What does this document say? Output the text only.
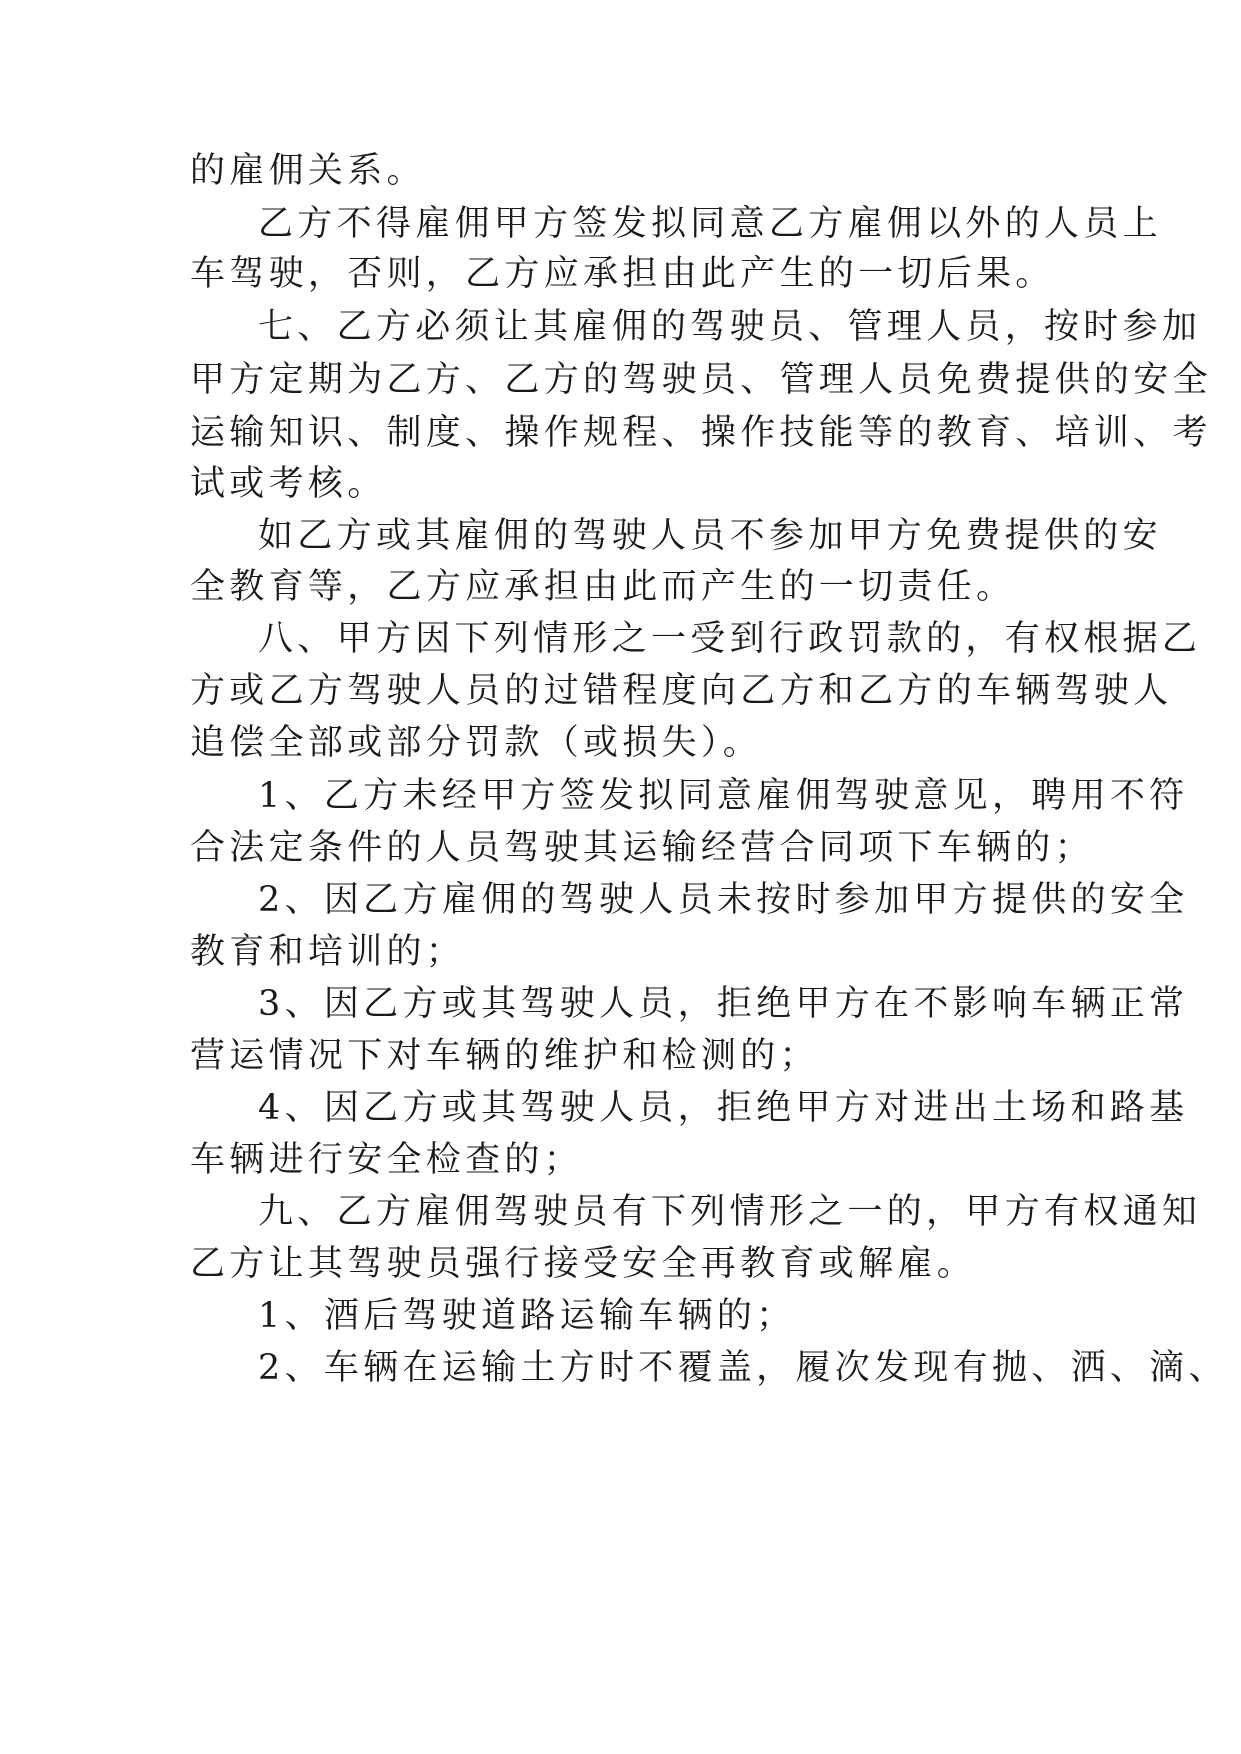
的雇佣关系。
乙方不得雇佣甲方签发拟同意乙方雇佣以外的人员上
车驾驶，否则，乙方应承担由此产生的一切后果。
七、乙方必须让其雇佣的驾驶员、管理人员，按时参加
甲方定期为乙方、乙方的驾驶员、管理人员免费提供的安全
运输知识、制度、操作规程、操作技能等的教育、培训、考
试或考核。
如乙方或其雇佣的驾驶人员不参加甲方免费提供的安
全教育等，乙方应承担由此而产生的一切责任。
八、甲方因下列情形之一受到行政罚款的，有权根据乙
方或乙方驾驶人员的过错程度向乙方和乙方的车辆驾驶人
追偿全部或部分罚款（或损失）。
1、乙方未经甲方签发拟同意雇佣驾驶意见，聘用不符
合法定条件的人员驾驶其运输经营合同项下车辆的；
2、因乙方雇佣的驾驶人员未按时参加甲方提供的安全
教育和培训的；
3、因乙方或其驾驶人员，拒绝甲方在不影响车辆正常
营运情况下对车辆的维护和检测的；
4、因乙方或其驾驶人员，拒绝甲方对进出土场和路基
车辆进行安全检查的；
九、乙方雇佣驾驶员有下列情形之一的，甲方有权通知
乙方让其驾驶员强行接受安全再教育或解雇。
1、酒后驾驶道路运输车辆的；
2、车辆在运输土方时不覆盖，履次发现有抛、洒、滴、
